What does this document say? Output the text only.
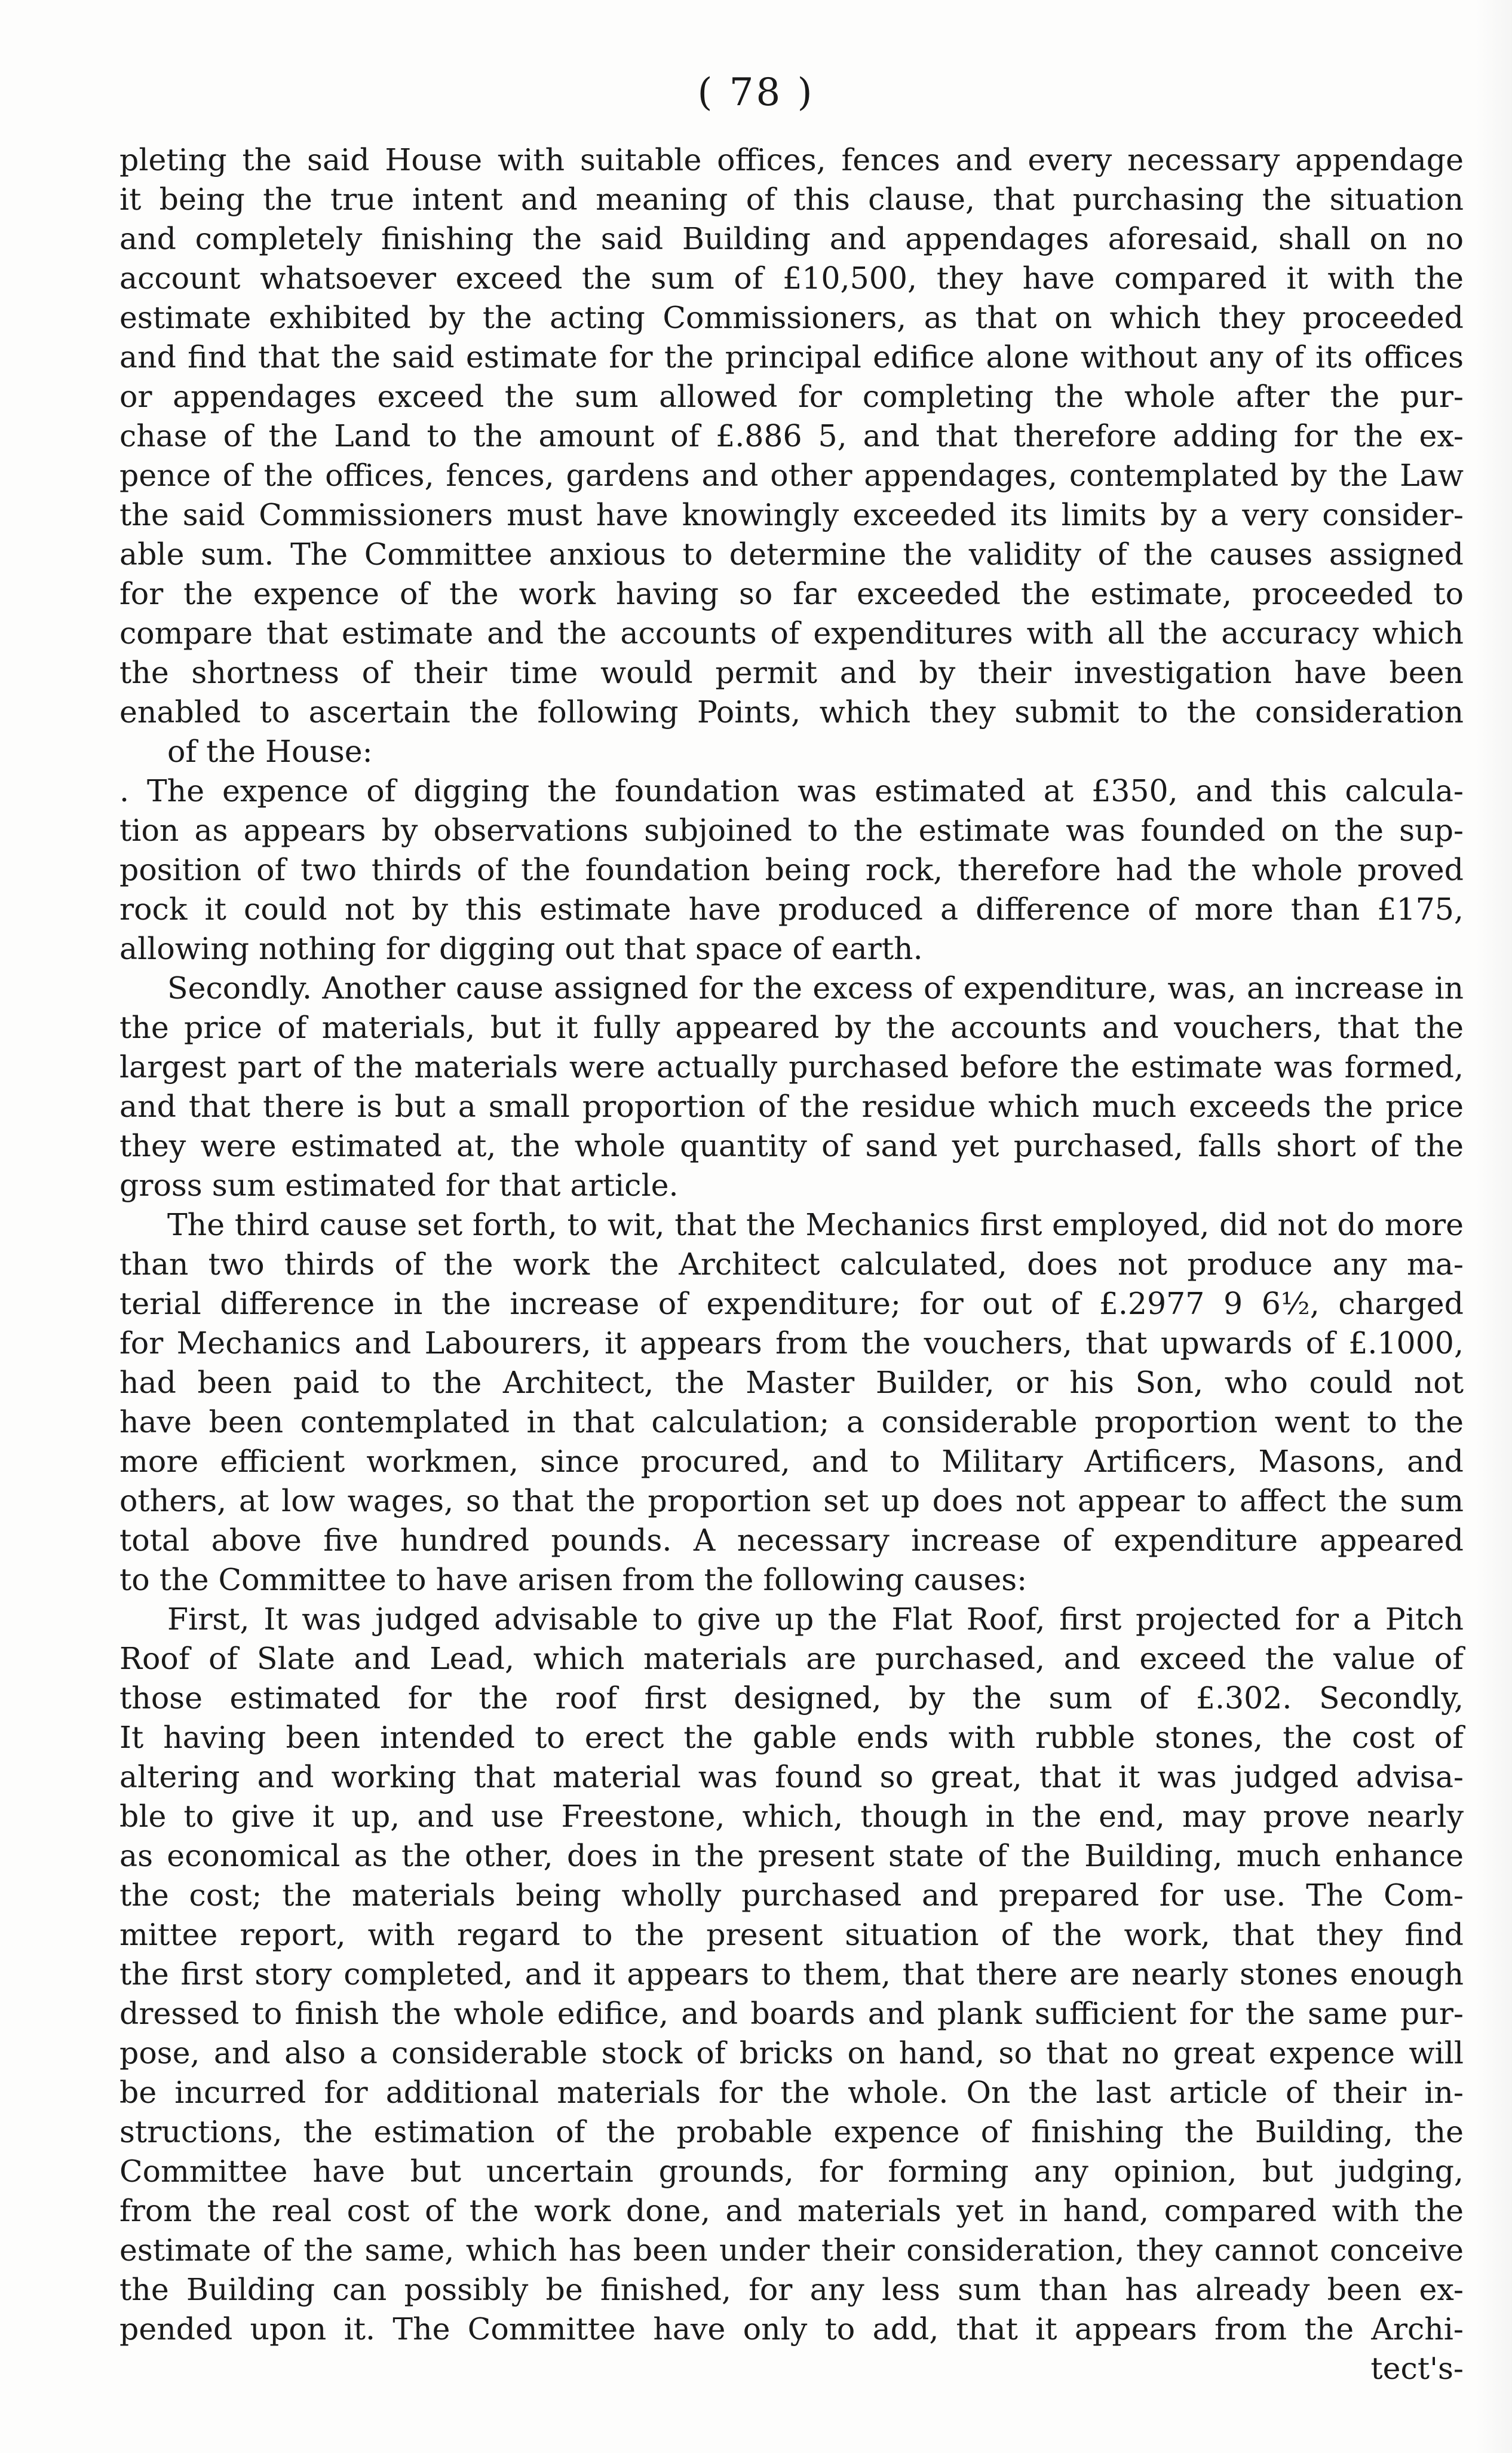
( 78 )
pleting the said House with suitable offices, fences and every necessary appendage
it being the true intent and meaning of this clause, that purchasing the situation
and completely finishing the said Building and appendages aforesaid, shall on no
account whatsoever exceed the sum of £10,500, they have compared it with the
estimate exhibited by the acting Commissioners, as that on which they proceeded
and find that the said estimate for the principal edifice alone without any of its offices
or appendages exceed the sum allowed for completing the whole after the pur-
chase of the Land to the amount of £.886 5, and that therefore adding for the ex-
pence of the offices, fences, gardens and other appendages, contemplated by the Law
the said Commissioners must have knowingly exceeded its limits by a very consider-
able sum. The Committee anxious to determine the validity of the causes assigned
for the expence of the work having so far exceeded the estimate, proceeded to
compare that estimate and the accounts of expenditures with all the accuracy which
the shortness of their time would permit and by their investigation have been
enabled to ascertain the following Points, which they submit to the consideration
of the House:
. The expence of digging the foundation was estimated at £350, and this calcula-
tion as appears by observations subjoined to the estimate was founded on the sup-
position of two thirds of the foundation being rock, therefore had the whole proved
rock it could not by this estimate have produced a difference of more than £175,
allowing nothing for digging out that space of earth.
Secondly. Another cause assigned for the excess of expenditure, was, an increase in
the price of materials, but it fully appeared by the accounts and vouchers, that the
largest part of the materials were actually purchased before the estimate was formed,
and that there is but a small proportion of the residue which much exceeds the price
they were estimated at, the whole quantity of sand yet purchased, falls short of the
gross sum estimated for that article.
The third cause set forth, to wit, that the Mechanics first employed, did not do more
than two thirds of the work the Architect calculated, does not produce any ma-
terial difference in the increase of expenditure; for out of £.2977 9 6½, charged
for Mechanics and Labourers, it appears from the vouchers, that upwards of £.1000,
had been paid to the Architect, the Master Builder, or his Son, who could not
have been contemplated in that calculation; a considerable proportion went to the
more efficient workmen, since procured, and to Military Artificers, Masons, and
others, at low wages, so that the proportion set up does not appear to affect the sum
total above five hundred pounds. A necessary increase of expenditure appeared
to the Committee to have arisen from the following causes:
First, It was judged advisable to give up the Flat Roof, first projected for a Pitch
Roof of Slate and Lead, which materials are purchased, and exceed the value of
those estimated for the roof first designed, by the sum of £.302. Secondly,
It having been intended to erect the gable ends with rubble stones, the cost of
altering and working that material was found so great, that it was judged advisa-
ble to give it up, and use Freestone, which, though in the end, may prove nearly
as economical as the other, does in the present state of the Building, much enhance
the cost; the materials being wholly purchased and prepared for use. The Com-
mittee report, with regard to the present situation of the work, that they find
the first story completed, and it appears to them, that there are nearly stones enough
dressed to finish the whole edifice, and boards and plank sufficient for the same pur-
pose, and also a considerable stock of bricks on hand, so that no great expence will
be incurred for additional materials for the whole. On the last article of their in-
structions, the estimation of the probable expence of finishing the Building, the
Committee have but uncertain grounds, for forming any opinion, but judging,
from the real cost of the work done, and materials yet in hand, compared with the
estimate of the same, which has been under their consideration, they cannot conceive
the Building can possibly be finished, for any less sum than has already been ex-
pended upon it. The Committee have only to add, that it appears from the Archi-
tect's-
